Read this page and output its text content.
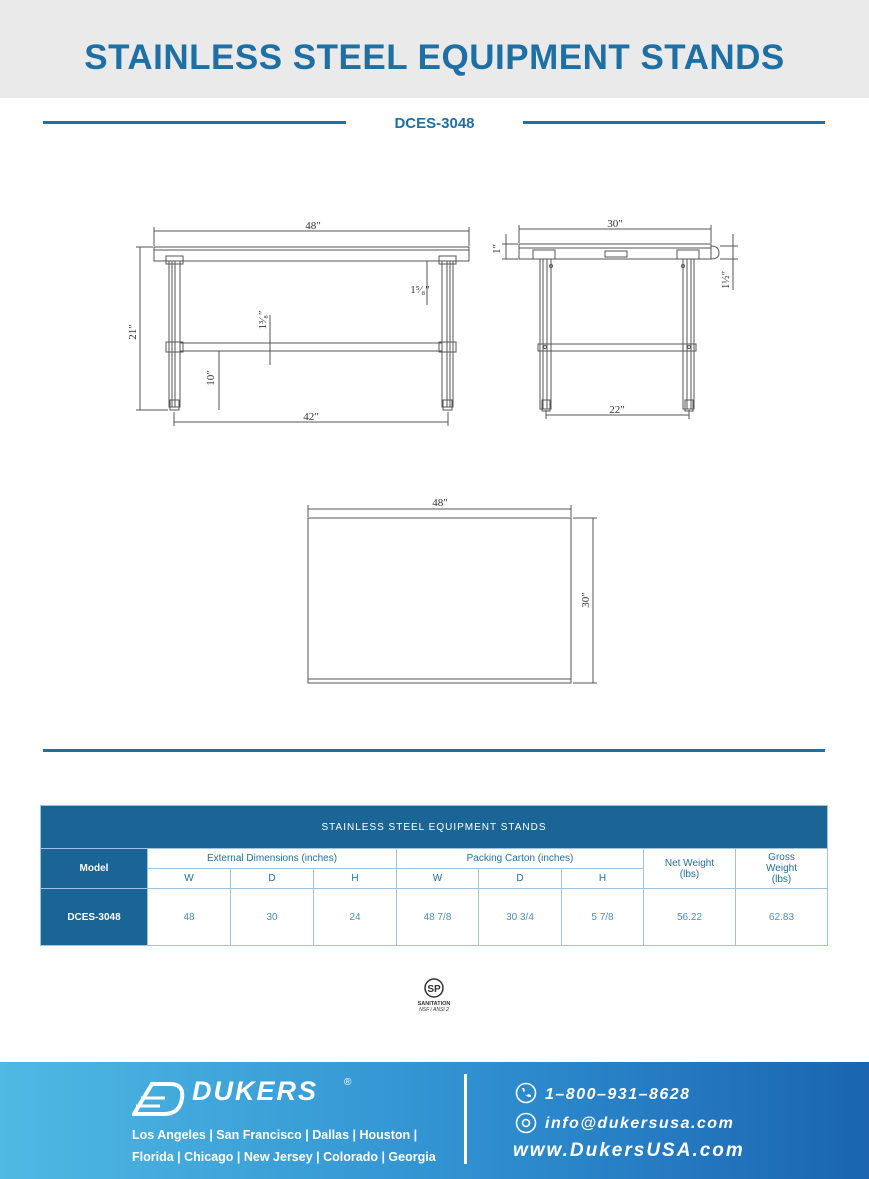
STAINLESS STEEL EQUIPMENT STANDS
DCES-3048
48″
21″
10″
42″
1⁵⁄₈″
1³⁄₈″
30″
1″
1½″
22″
48″
30″
STAINLESS STEEL EQUIPMENT STANDS								
Model	External Dimensions (inches)			Packing Carton (inches)			Net Weight (lbs)	Gross Weight (lbs)
	W	D	H	W	D	H		
DCES-3048	48	30	24	48 7/8	30 3/4	5 7/8	56.22	62.83
SP
SANITATION
NSF / ANSI 2
DUKERS	®
Los Angeles | San Francisco | Dallas | Houston |
Florida | Chicago | New Jersey | Colorado | Georgia
1–800–931–8628
info@dukersusa.com
www.DukersUSA.com
